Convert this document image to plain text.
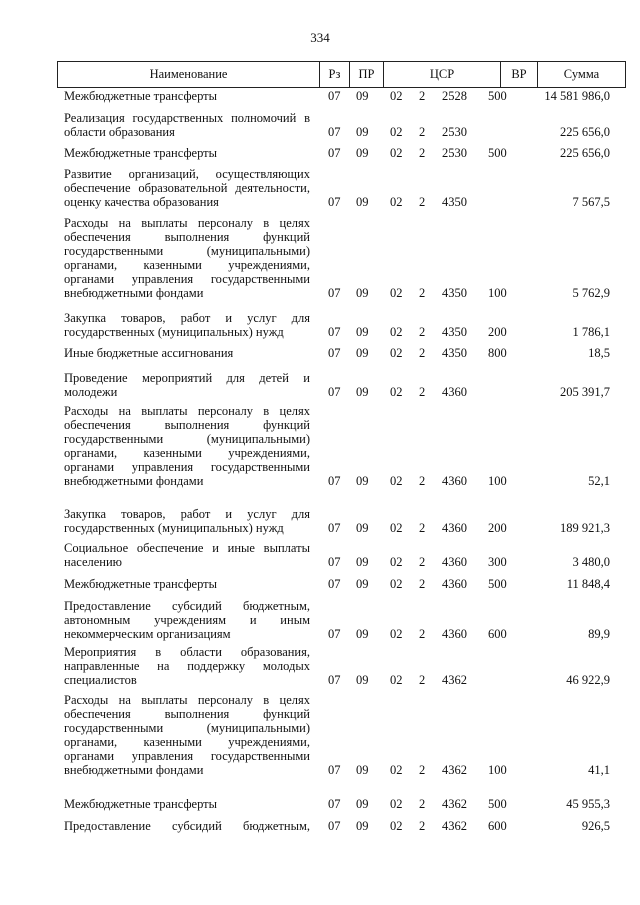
334
Наименование	Рз	ПР	ЦСР	ВР	Сумма
Межбюджетные трансферты	07 09 02 2 2528 500	14 581 986,0
Реализация государственных полномочий в
области образования	07 09 02 2 2530	225 656,0
Межбюджетные трансферты	07 09 02 2 2530 500	225 656,0
Развитие организаций, осуществляющих
обеспечение образовательной деятельности,
оценку качества образования	07 09 02 2 4350	7 567,5
Расходы на выплаты персоналу в целях
обеспечения выполнения функций
государственными (муниципальными)
органами, казенными учреждениями,
органами управления государственными
внебюджетными фондами	07 09 02 2 4350 100	5 762,9
Закупка товаров, работ и услуг для
государственных (муниципальных) нужд	07 09 02 2 4350 200	1 786,1
Иные бюджетные ассигнования	07 09 02 2 4350 800	18,5
Проведение мероприятий для детей и
молодежи	07 09 02 2 4360	205 391,7
Расходы на выплаты персоналу в целях
обеспечения выполнения функций
государственными (муниципальными)
органами, казенными учреждениями,
органами управления государственными
внебюджетными фондами	07 09 02 2 4360 100	52,1
Закупка товаров, работ и услуг для
государственных (муниципальных) нужд	07 09 02 2 4360 200	189 921,3
Социальное обеспечение и иные выплаты
населению	07 09 02 2 4360 300	3 480,0
Межбюджетные трансферты	07 09 02 2 4360 500	11 848,4
Предоставление субсидий бюджетным,
автономным учреждениям и иным
некоммерческим организациям	07 09 02 2 4360 600	89,9
Мероприятия в области образования,
направленные на поддержку молодых
специалистов	07 09 02 2 4362	46 922,9
Расходы на выплаты персоналу в целях
обеспечения выполнения функций
государственными (муниципальными)
органами, казенными учреждениями,
органами управления государственными
внебюджетными фондами	07 09 02 2 4362 100	41,1
Межбюджетные трансферты	07 09 02 2 4362 500	45 955,3
Предоставление субсидий бюджетным, 07 09 02 2 4362 600	926,5
